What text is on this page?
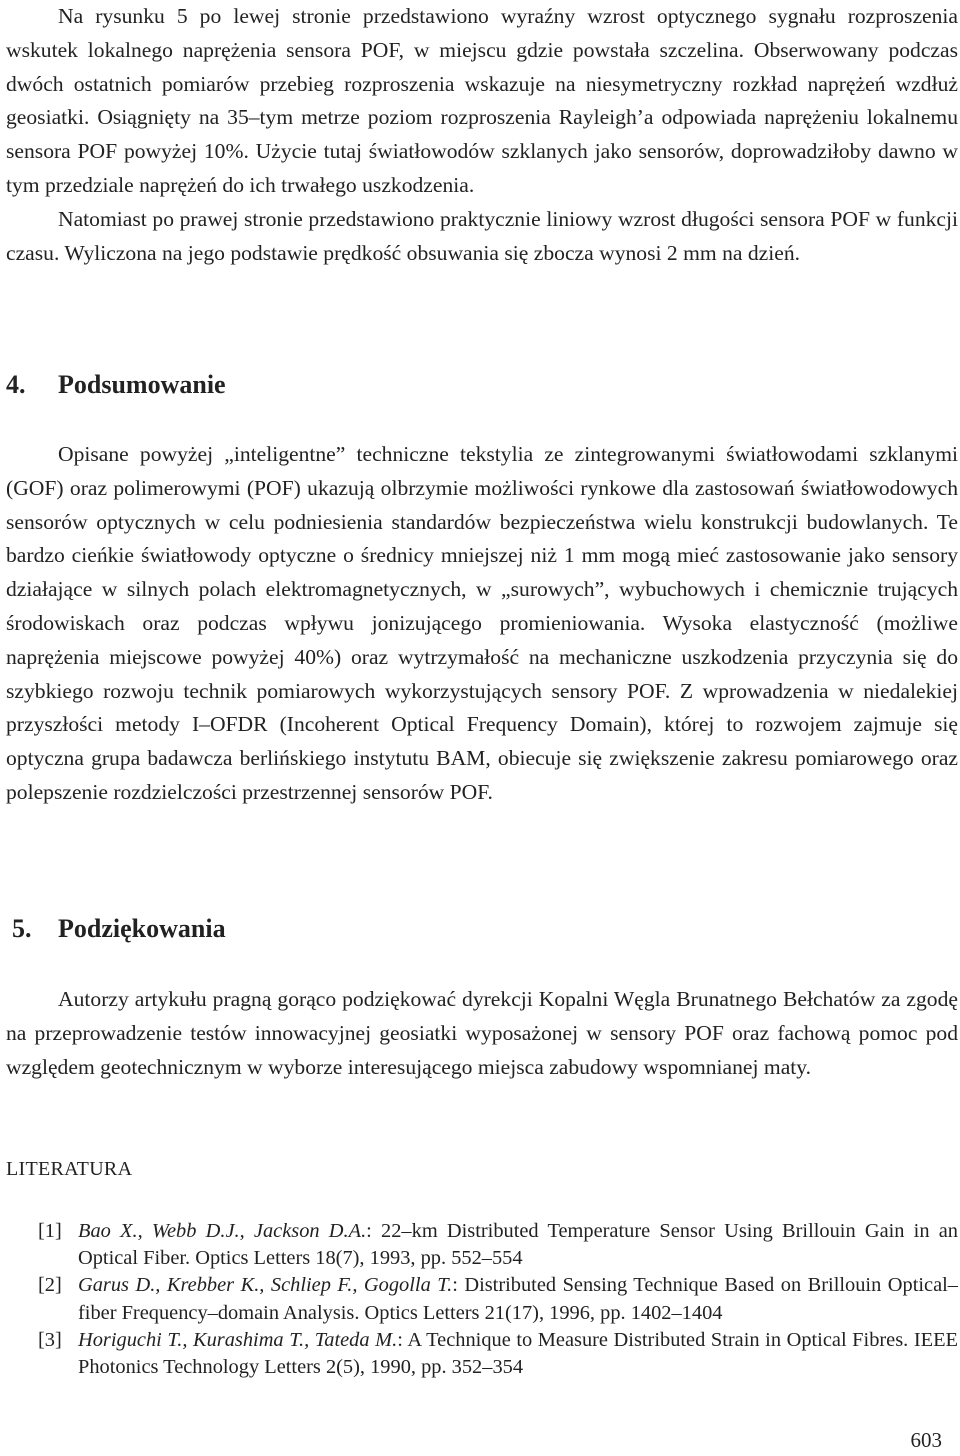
Na rysunku 5 po lewej stronie przedstawiono wyraźny wzrost optycznego sygnału rozproszenia wskutek lokalnego naprężenia sensora POF, w miejscu gdzie powstała szczelina. Obserwowany podczas dwóch ostatnich pomiarów przebieg rozproszenia wskazuje na niesymetryczny rozkład naprężeń wzdłuż geosiatki. Osiągnięty na 35–tym metrze poziom rozproszenia Rayleigh’a odpowiada naprężeniu lokalnemu sensora POF powyżej 10%. Użycie tutaj światłowodów szklanych jako sensorów, doprowadziłoby dawno w tym przedziale naprężeń do ich trwałego uszkodzenia.

Natomiast po prawej stronie przedstawiono praktycznie liniowy wzrost długości sensora POF w funkcji czasu. Wyliczona na jego podstawie prędkość obsuwania się zbocza wynosi 2 mm na dzień.

4. Podsumowanie

Opisane powyżej „inteligentne” techniczne tekstylia ze zintegrowanymi światłowodami szklanymi (GOF) oraz polimerowymi (POF) ukazują olbrzymie możliwości rynkowe dla zastosowań światłowodowych sensorów optycznych w celu podniesienia standardów bezpieczeństwa wielu konstrukcji budowlanych. Te bardzo cieńkie światłowody optyczne o średnicy mniejszej niż 1 mm mogą mieć zastosowanie jako sensory działające w silnych polach elektromagnetycznych, w „surowych”, wybuchowych i chemicznie trujących środowiskach oraz podczas wpływu jonizującego promieniowania. Wysoka elastyczność (możliwe naprężenia miejscowe powyżej 40%) oraz wytrzymałość na mechaniczne uszkodzenia przyczynia się do szybkiego rozwoju technik pomiarowych wykorzystujących sensory POF. Z wprowadzenia w niedalekiej przyszłości metody I–OFDR (Incoherent Optical Frequency Domain), której to rozwojem zajmuje się optyczna grupa badawcza berlińskiego instytutu BAM, obiecuje się zwiększenie zakresu pomiarowego oraz polepszenie rozdzielczości przestrzennej sensorów POF.

5. Podziękowania

Autorzy artykułu pragną gorąco podziękować dyrekcji Kopalni Węgla Brunatnego Bełchatów za zgodę na przeprowadzenie testów innowacyjnej geosiatki wyposażonej w sensory POF oraz fachową pomoc pod względem geotechnicznym w wyborze interesującego miejsca zabudowy wspomnianej maty.

LITERATURA
[1] Bao X., Webb D.J., Jackson D.A.: 22–km Distributed Temperature Sensor Using Brillouin Gain in an Optical Fiber. Optics Letters 18(7), 1993, pp. 552–554
[2] Garus D., Krebber K., Schliep F., Gogolla T.: Distributed Sensing Technique Based on Brillouin Optical–fiber Frequency–domain Analysis. Optics Letters 21(17), 1996, pp. 1402–1404
[3] Horiguchi T., Kurashima T., Tateda M.: A Technique to Measure Distributed Strain in Optical Fibres. IEEE Photonics Technology Letters 2(5), 1990, pp. 352–354
603
